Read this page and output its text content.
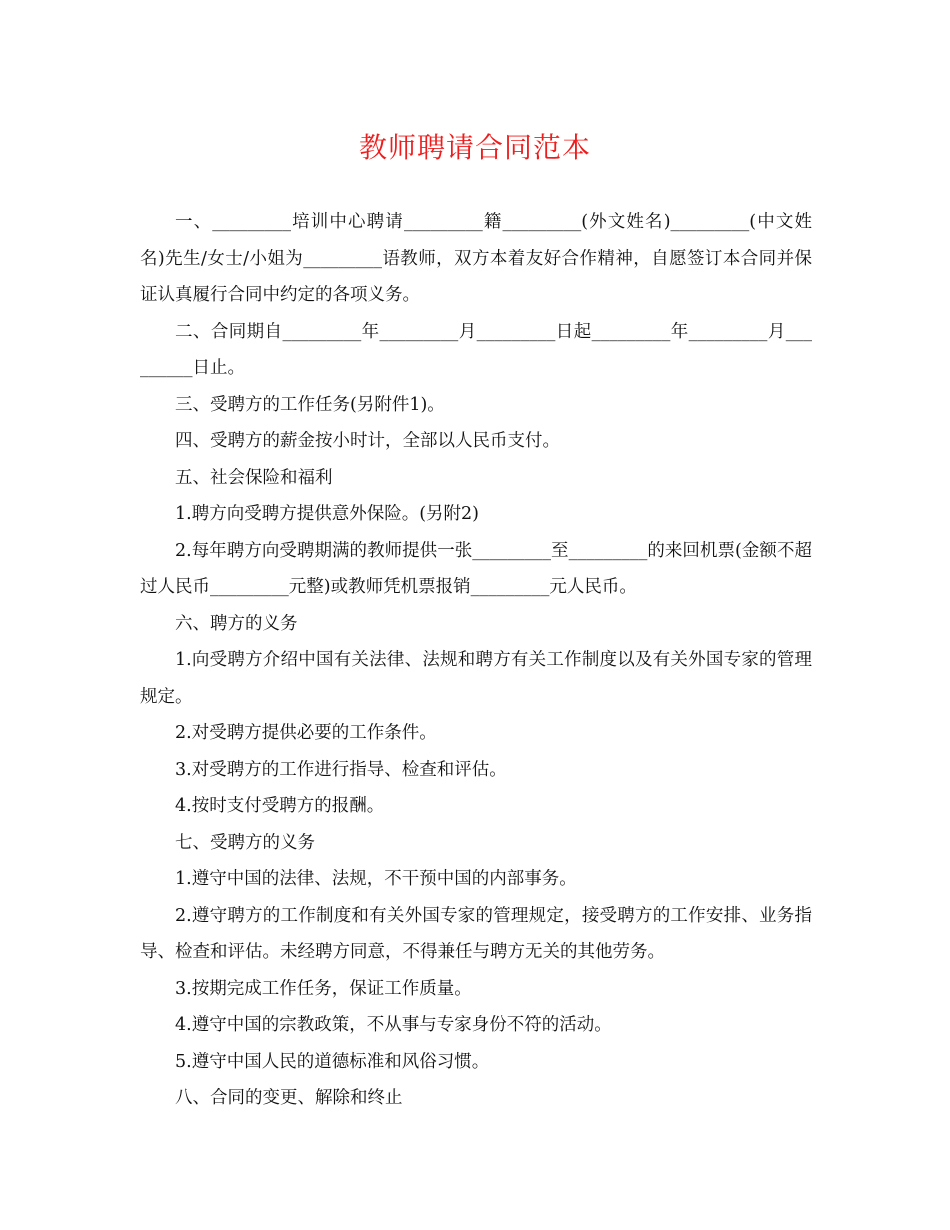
教师聘请合同范本

一、_________培训中心聘请_________籍_________(外文姓名)_________(中文姓名)先生/女士/小姐为_________语教师，双方本着友好合作精神，自愿签订本合同并保证认真履行合同中约定的各项义务。

二、合同期自_________年_________月_________日起_________年_________月_________日止。

三、受聘方的工作任务(另附件1)。

四、受聘方的薪金按小时计，全部以人民币支付。

五、社会保险和福利

1.聘方向受聘方提供意外保险。(另附2)

2.每年聘方向受聘期满的教师提供一张_________至_________的来回机票(金额不超过人民币_________元整)或教师凭机票报销_________元人民币。

六、聘方的义务

1.向受聘方介绍中国有关法律、法规和聘方有关工作制度以及有关外国专家的管理规定。

2.对受聘方提供必要的工作条件。

3.对受聘方的工作进行指导、检查和评估。

4.按时支付受聘方的报酬。

七、受聘方的义务

1.遵守中国的法律、法规，不干预中国的内部事务。

2.遵守聘方的工作制度和有关外国专家的管理规定，接受聘方的工作安排、业务指导、检查和评估。未经聘方同意，不得兼任与聘方无关的其他劳务。

3.按期完成工作任务，保证工作质量。

4.遵守中国的宗教政策，不从事与专家身份不符的活动。

5.遵守中国人民的道德标准和风俗习惯。

八、合同的变更、解除和终止
